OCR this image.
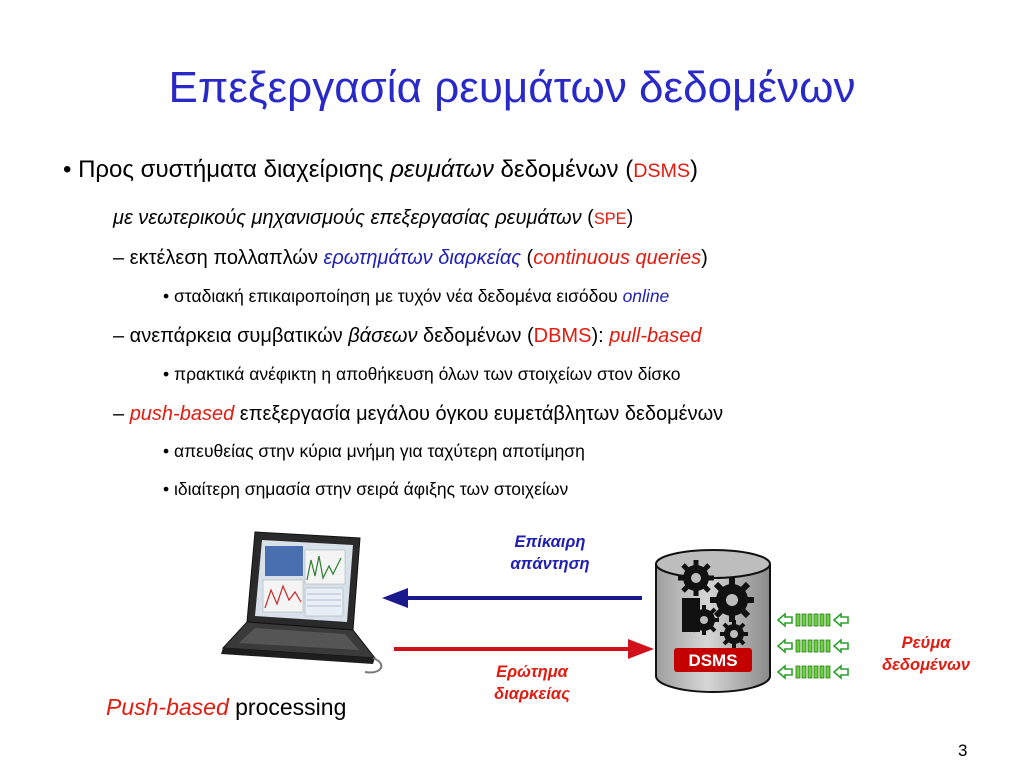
Επεξεργασία ρευμάτων δεδομένων
• Προς συστήματα διαχείρισης ρευμάτων δεδομένων (DSMS)
με νεωτερικούς μηχανισμούς επεξεργασίας ρευμάτων (SPE)
– εκτέλεση πολλαπλών ερωτημάτων διαρκείας (continuous queries)
• σταδιακή επικαιροποίηση με τυχόν νέα δεδομένα εισόδου online
– ανεπάρκεια συμβατικών βάσεων δεδομένων (DBMS): pull-based
• πρακτικά ανέφικτη η αποθήκευση όλων των στοιχείων στον δίσκο
– push-based επεξεργασία μεγάλου όγκου ευμετάβλητων δεδομένων
• απευθείας στην κύρια μνήμη για ταχύτερη αποτίμηση
• ιδιαίτερη σημασία στην σειρά άφιξης των στοιχείων
Επίκαιρη
απάντηση
Ερώτημα
διαρκείας
DSMS
Ρεύμα
δεδομένων
Push-based processing
3
